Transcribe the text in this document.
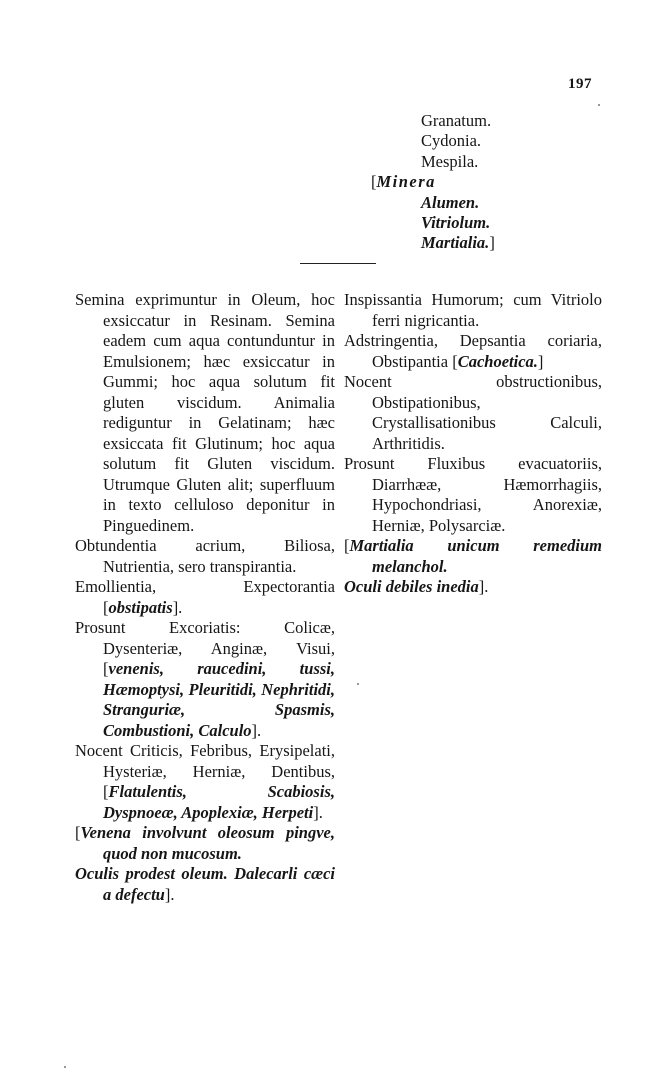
197
Granatum.
Cydonia.
Mespila.
[Minera
Alumen.
Vitriolum.
Martialia.]
Semina exprimuntur in Oleum, hoc exsiccatur in Resinam. Semina eadem cum aqua contunduntur in Emulsionem; hæc exsiccatur in Gummi; hoc aqua solutum fit gluten viscidum. Animalia rediguntur in Gelatinam; hæc exsiccata fit Glutinum; hoc aqua solutum fit Gluten viscidum. Utrumque Gluten alit; superfluum in texto celluloso deponitur in Pinguedinem.
Obtundentia acrium, Biliosa, Nutrientia, sero transpirantia.
Emollientia, Expectorantia [obstipatis].
Prosunt Excoriatis: Colicæ, Dysenteriæ, Anginæ, Visui, [venenis, raucedini, tussi, Hæmoptysi, Pleuritidi, Nephritidi, Stranguriæ, Spasmis, Combustioni, Calculo].
Nocent Criticis, Febribus, Erysipelati, Hysteriæ, Herniæ, Dentibus, [Flatulentis, Scabiosis, Dyspnoeæ, Apoplexiæ, Herpeti].
[Venena involvunt oleosum pingve, quod non mucosum.
Oculis prodest oleum. Dalecarli cæci a defectu].
Inspissantia Humorum; cum Vitriolo ferri nigricantia.
Adstringentia, Depsantia coriaria, Obstipantia [Cachoetica.]
Nocent obstructionibus, Obstipationibus, Crystallisationibus Calculi, Arthritidis.
Prosunt Fluxibus evacuatoriis, Diarrhææ, Hæmorrhagiis, Hypochondriasi, Anorexiæ, Herniæ, Polysarciæ.
[Martialia unicum remedium melanchol.
Oculi debiles inedia].
